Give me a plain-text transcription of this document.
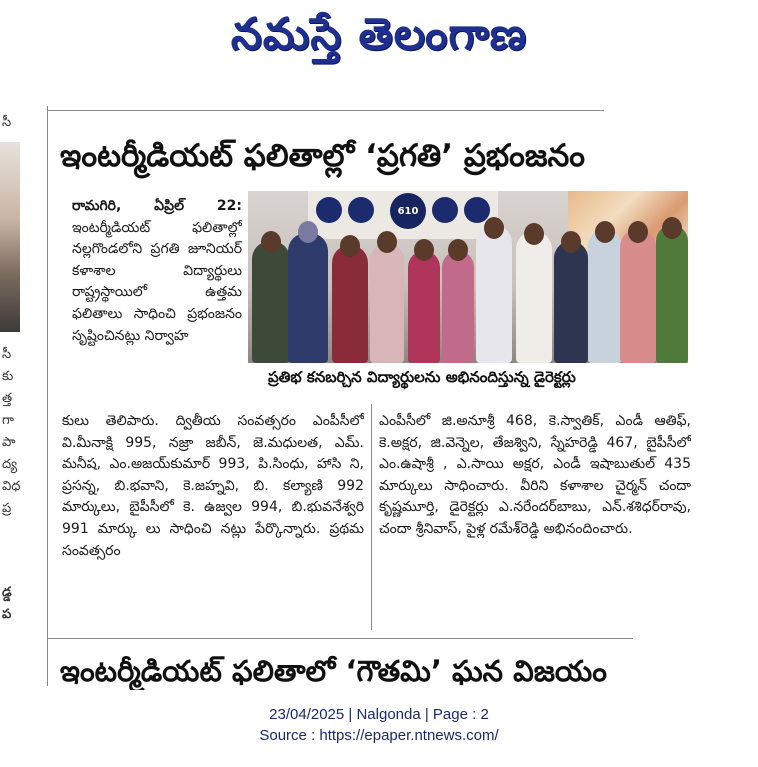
నమస్తే తెలంగాణ
సీ
సీ
కు
త్త
గా
పా
ద్య
విధ
ప్ర
డ్డ
ప
ఇంటర్మీడియట్ ఫలితాల్లో ‘ప్రగతి’ ప్రభంజనం
రామగిరి, ఏప్రిల్ 22: ఇంటర్మీడియట్ ఫలితాల్లో నల్లగొండలోని ప్రగతి జూనియర్ కళాశాల విద్యార్థులు రాష్ట్రస్థాయిలో ఉత్తమ ఫలితాలు సాధించి ప్రభంజనం సృష్టించినట్లు నిర్వాహ
610
ప్రతిభ కనబర్చిన విద్యార్థులను అభినందిస్తున్న డైరెక్టర్లు
కులు తెలిపారు. ద్వితీయ సంవత్సరం ఎంపీసీలో వి.మీనాక్షి 995, నజ్రా జబీన్, జె.మధులత, ఎమ్. మనీష, ఎం.అజయ్‌కుమార్ 993, పి.సింధు, హాసి ని, ప్రసన్న, బి.భవాని, కె.జహ్నవి, బి. కల్యాణి 992 మార్కులు, బైపీసీలో కె. ఉజ్వల 994, బి.భువనేశ్వరి 991 మార్కు లు సాధించి నట్లు పేర్కొన్నారు. ప్రథమ సంవత్సరం
ఎంపీసీలో జి.అనూశ్రీ 468, కె.స్వాతిక్, ఎండీ ఆతిఫ్, కె.అక్షర, జి.వెన్నెల, తేజశ్విని, స్నేహరెడ్డి 467, బైపీసీలో ఎం.ఉషాశ్రీ , ఎ.సాయి అక్షర, ఎండీ ఇషాబుతుల్ 435 మార్కులు సాధించారు. వీరిని కళాశాల చైర్మన్ చందా కృష్ణమూర్తి, డైరెక్టర్లు ఎ.నరేందర్‌బాబు, ఎన్.శశిధర్‌రావు, చందా శ్రీనివాస్, పైళ్ల రమేశ్‌రెడ్డి అభినందించారు.
ఇంటర్మీడియట్ ఫలితాలో ‘గౌతమి’ ఘన విజయం
23/04/2025 | Nalgonda | Page : 2
Source : https://epaper.ntnews.com/
